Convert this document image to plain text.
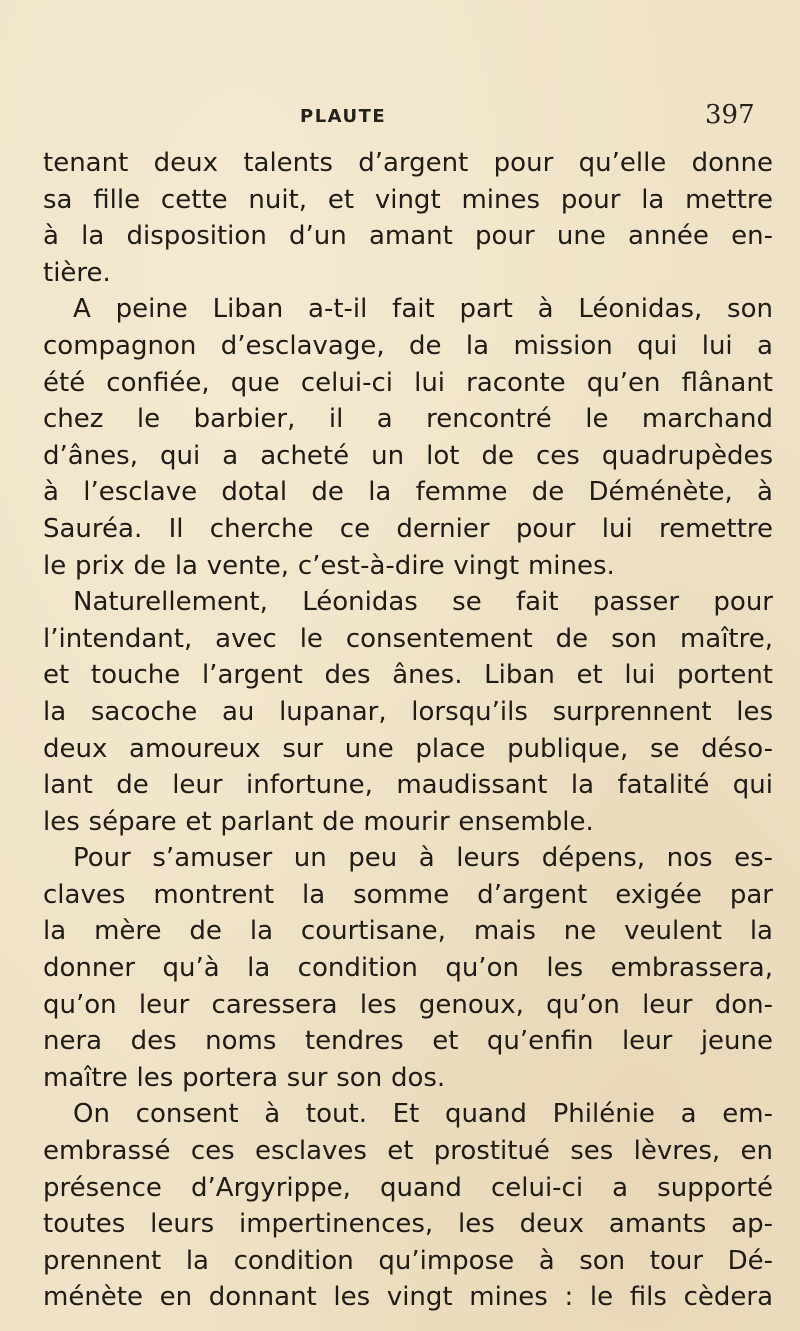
PLAUTE	397
tenant deux talents d’argent pour qu’elle donne
sa fille cette nuit, et vingt mines pour la mettre
à la disposition d’un amant pour une année en-
tière.
A peine Liban a-t-il fait part à Léonidas, son
compagnon d’esclavage, de la mission qui lui a
été confiée, que celui-ci lui raconte qu’en flânant
chez le barbier, il a rencontré le marchand
d’ânes, qui a acheté un lot de ces quadrupèdes
à l’esclave dotal de la femme de Déménète, à
Sauréa. Il cherche ce dernier pour lui remettre
le prix de la vente, c’est-à-dire vingt mines.
Naturellement, Léonidas se fait passer pour
l’intendant, avec le consentement de son maître,
et touche l’argent des ânes. Liban et lui portent
la sacoche au lupanar, lorsqu’ils surprennent les
deux amoureux sur une place publique, se déso-
lant de leur infortune, maudissant la fatalité qui
les sépare et parlant de mourir ensemble.
Pour s’amuser un peu à leurs dépens, nos es-
claves montrent la somme d’argent exigée par
la mère de la courtisane, mais ne veulent la
donner qu’à la condition qu’on les embrassera,
qu’on leur caressera les genoux, qu’on leur don-
nera des noms tendres et qu’enfin leur jeune
maître les portera sur son dos.
On consent à tout. Et quand Philénie a em-
embrassé ces esclaves et prostitué ses lèvres, en
présence d’Argyrippe, quand celui-ci a supporté
toutes leurs impertinences, les deux amants ap-
prennent la condition qu’impose à son tour Dé-
ménète en donnant les vingt mines : le fils cèdera
